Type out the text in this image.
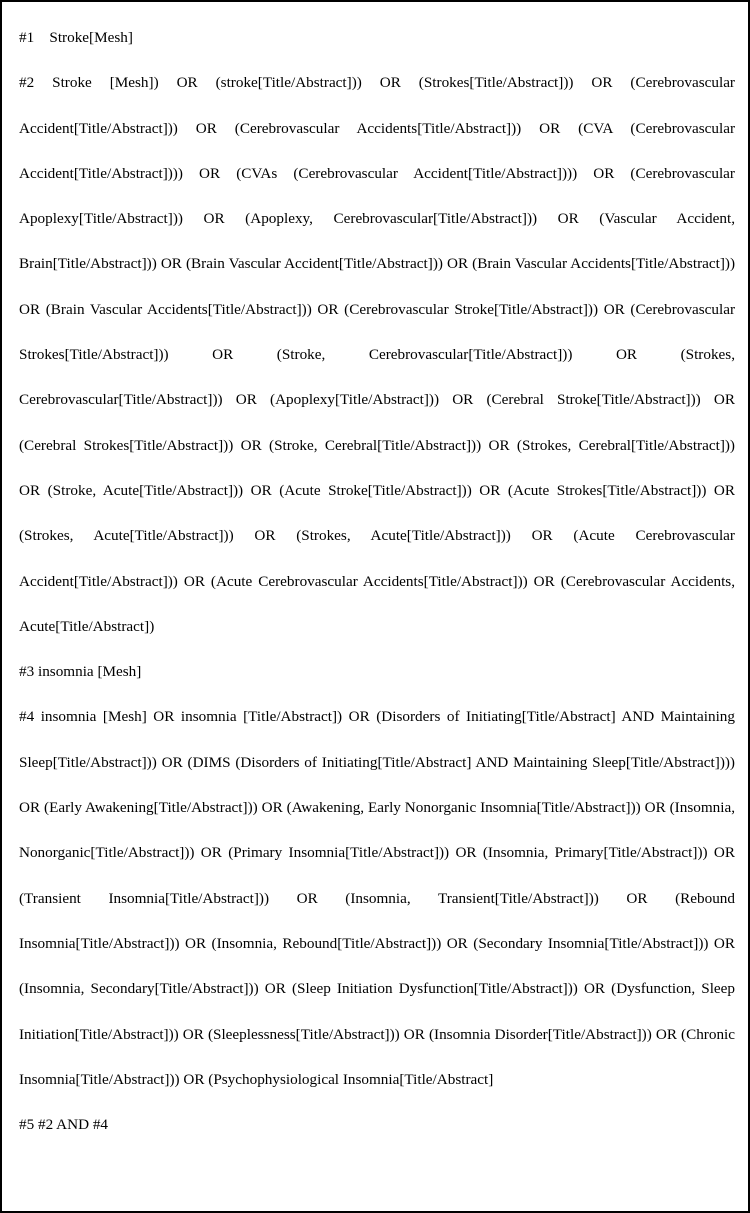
#1    Stroke[Mesh]

#2 Stroke [Mesh]) OR (stroke[Title/Abstract])) OR (Strokes[Title/Abstract])) OR (Cerebrovascular Accident[Title/Abstract])) OR (Cerebrovascular Accidents[Title/Abstract])) OR (CVA (Cerebrovascular Accident[Title/Abstract]))) OR (CVAs (Cerebrovascular Accident[Title/Abstract]))) OR (Cerebrovascular Apoplexy[Title/Abstract])) OR (Apoplexy, Cerebrovascular[Title/Abstract])) OR (Vascular Accident, Brain[Title/Abstract])) OR (Brain Vascular Accident[Title/Abstract])) OR (Brain Vascular Accidents[Title/Abstract])) OR (Brain Vascular Accidents[Title/Abstract])) OR (Cerebrovascular Stroke[Title/Abstract])) OR (Cerebrovascular Strokes[Title/Abstract])) OR (Stroke, Cerebrovascular[Title/Abstract])) OR (Strokes, Cerebrovascular[Title/Abstract])) OR (Apoplexy[Title/Abstract])) OR (Cerebral Stroke[Title/Abstract])) OR (Cerebral Strokes[Title/Abstract])) OR (Stroke, Cerebral[Title/Abstract])) OR (Strokes, Cerebral[Title/Abstract])) OR (Stroke, Acute[Title/Abstract])) OR (Acute Stroke[Title/Abstract])) OR (Acute Strokes[Title/Abstract])) OR (Strokes, Acute[Title/Abstract])) OR (Strokes, Acute[Title/Abstract])) OR (Acute Cerebrovascular Accident[Title/Abstract])) OR (Acute Cerebrovascular Accidents[Title/Abstract])) OR (Cerebrovascular Accidents, Acute[Title/Abstract])

#3 insomnia [Mesh]

#4 insomnia [Mesh] OR insomnia [Title/Abstract]) OR (Disorders of Initiating[Title/Abstract] AND Maintaining Sleep[Title/Abstract])) OR (DIMS (Disorders of Initiating[Title/Abstract] AND Maintaining Sleep[Title/Abstract]))) OR (Early Awakening[Title/Abstract])) OR (Awakening, Early Nonorganic Insomnia[Title/Abstract])) OR (Insomnia, Nonorganic[Title/Abstract])) OR (Primary Insomnia[Title/Abstract])) OR (Insomnia, Primary[Title/Abstract])) OR (Transient Insomnia[Title/Abstract])) OR (Insomnia, Transient[Title/Abstract])) OR (Rebound Insomnia[Title/Abstract])) OR (Insomnia, Rebound[Title/Abstract])) OR (Secondary Insomnia[Title/Abstract])) OR (Insomnia, Secondary[Title/Abstract])) OR (Sleep Initiation Dysfunction[Title/Abstract])) OR (Dysfunction, Sleep Initiation[Title/Abstract])) OR (Sleeplessness[Title/Abstract])) OR (Insomnia Disorder[Title/Abstract])) OR (Chronic Insomnia[Title/Abstract])) OR (Psychophysiological Insomnia[Title/Abstract]

#5 #2 AND #4
